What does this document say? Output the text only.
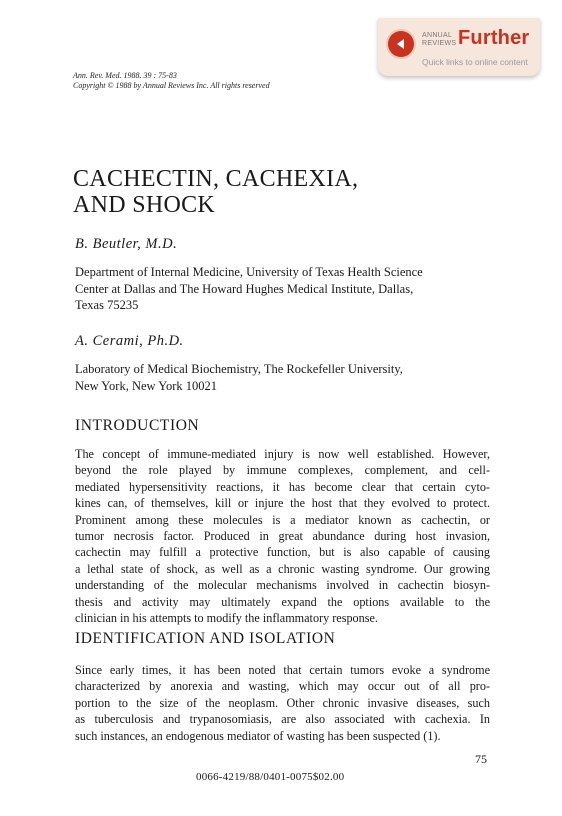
ANNUAL
REVIEWS Further
Quick links to online content
Ann. Rev. Med. 1988. 39 : 75-83
Copyright © 1988 by Annual Reviews Inc. All rights reserved
CACHECTIN, CACHEXIA,
AND SHOCK

B. Beutler, M.D.

Department of Internal Medicine, University of Texas Health Science
Center at Dallas and The Howard Hughes Medical Institute, Dallas,
Texas 75235

A. Cerami, Ph.D.

Laboratory of Medical Biochemistry, The Rockefeller University,
New York, New York 10021
INTRODUCTION
The concept of immune-mediated injury is now well established. However,
beyond the role played by immune complexes, complement, and cell-
mediated hypersensitivity reactions, it has become clear that certain cyto-
kines can, of themselves, kill or injure the host that they evolved to protect.
Prominent among these molecules is a mediator known as cachectin, or
tumor necrosis factor. Produced in great abundance during host invasion,
cachectin may fulfill a protective function, but is also capable of causing
a lethal state of shock, as well as a chronic wasting syndrome. Our growing
understanding of the molecular mechanisms involved in cachectin biosyn-
thesis and activity may ultimately expand the options available to the
clinician in his attempts to modify the inflammatory response.
IDENTIFICATION AND ISOLATION
Since early times, it has been noted that certain tumors evoke a syndrome
characterized by anorexia and wasting, which may occur out of all pro-
portion to the size of the neoplasm. Other chronic invasive diseases, such
as tuberculosis and trypanosomiasis, are also associated with cachexia. In
such instances, an endogenous mediator of wasting has been suspected (1).
75
0066-4219/88/0401-0075$02.00
